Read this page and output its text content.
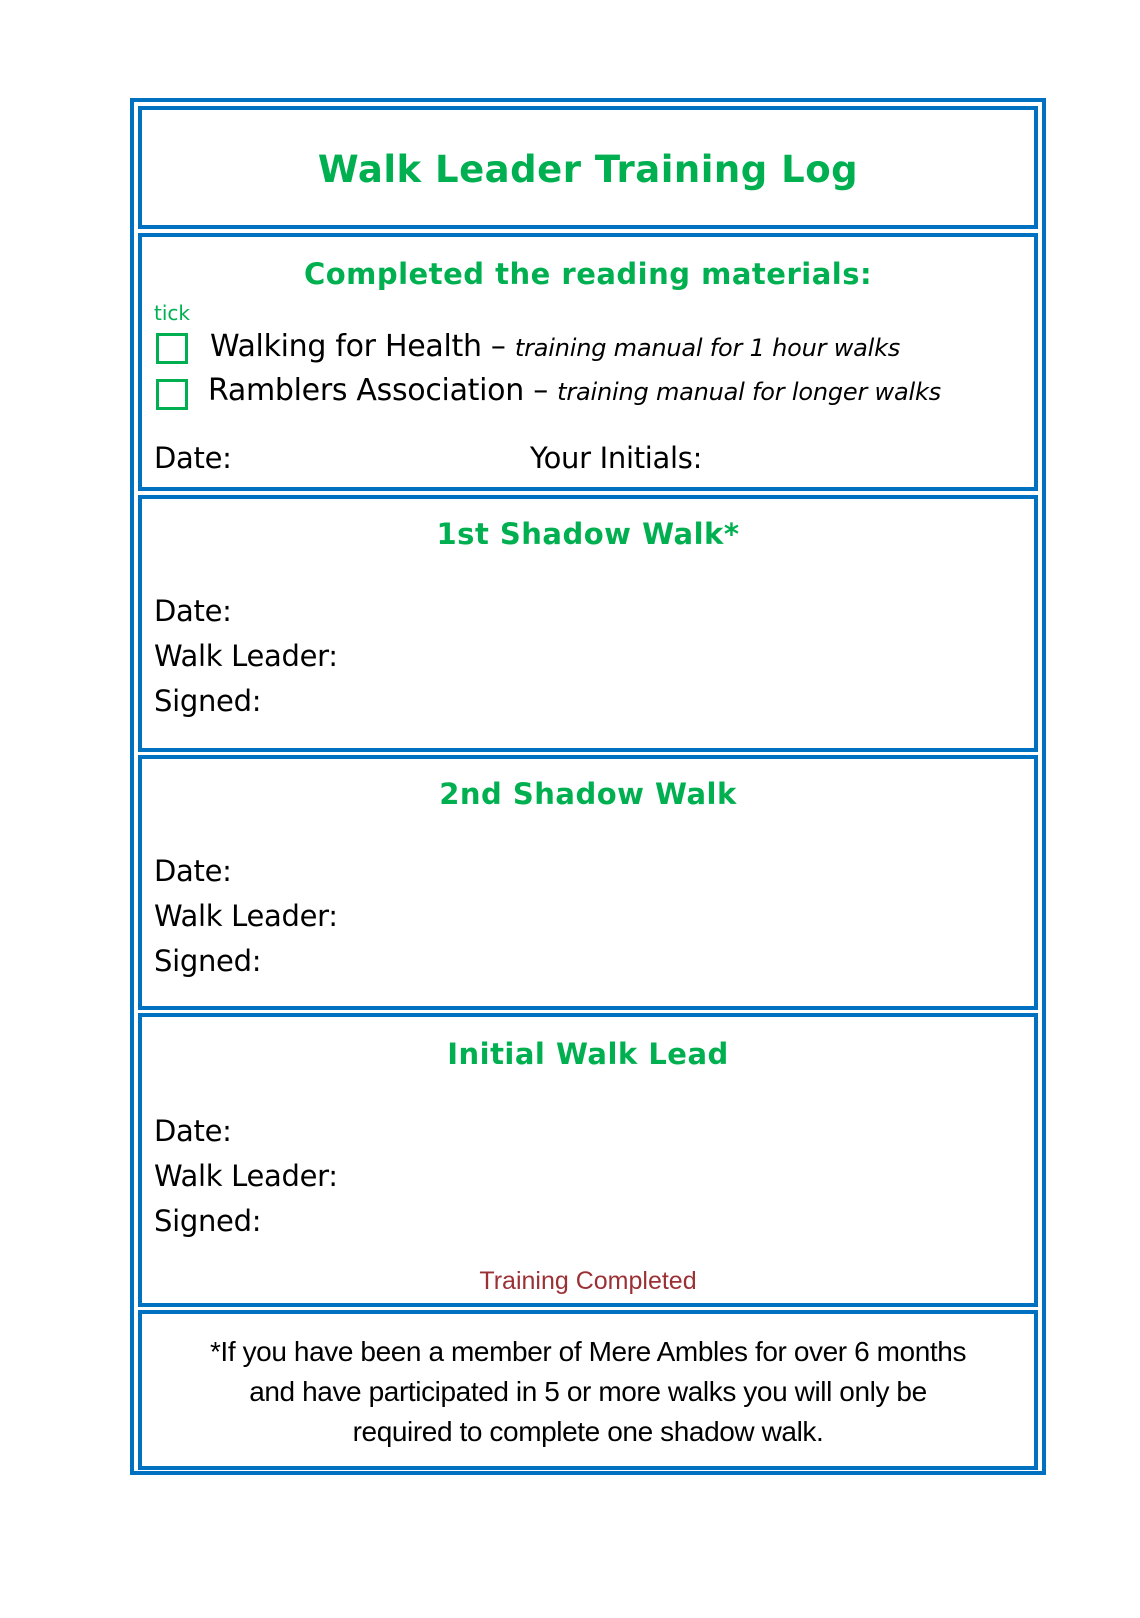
Walk Leader Training Log
Completed the reading materials:
tick
Walking for Health – training manual for 1 hour walks
Ramblers Association – training manual for longer walks
Date:	Your Initials:
1st Shadow Walk*
Date:
Walk Leader:
Signed:
2nd Shadow Walk
Date:
Walk Leader:
Signed:
Initial Walk Lead
Date:
Walk Leader:
Signed:
Training Completed
*If you have been a member of Mere Ambles for over 6 months
and have participated in 5 or more walks you will only be
required to complete one shadow walk.
